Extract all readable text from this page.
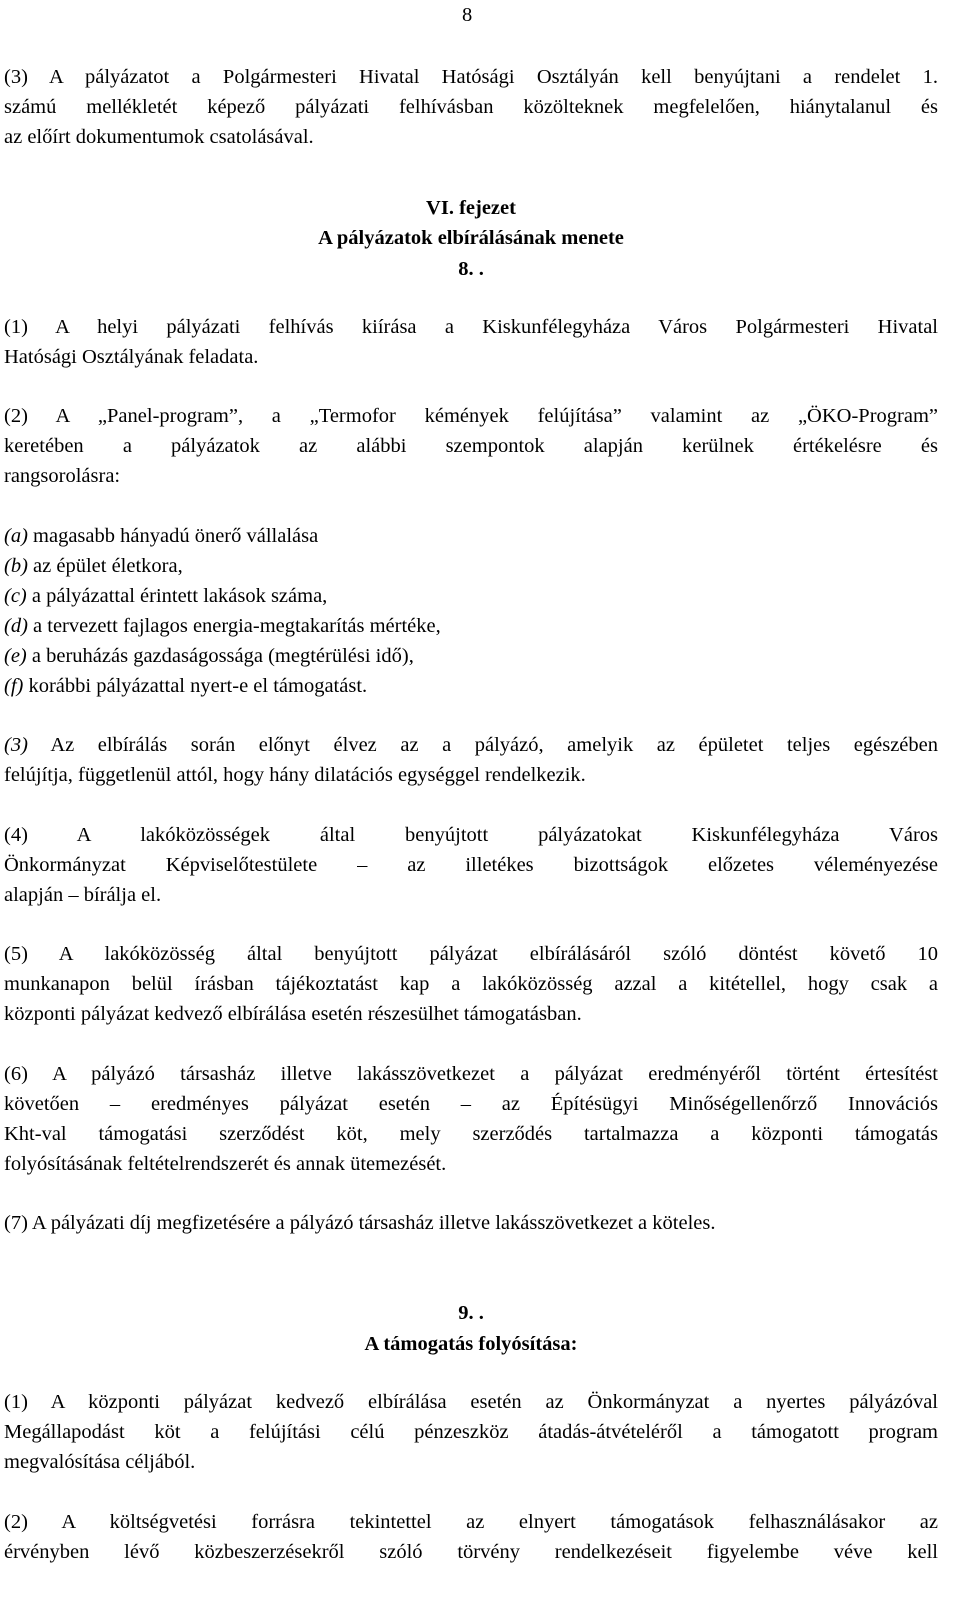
8
(3) A pályázatot a Polgármesteri Hivatal Hatósági Osztályán kell benyújtani a rendelet 1.
számú mellékletét képező pályázati felhívásban közölteknek megfelelően, hiánytalanul és
az előírt dokumentumok csatolásával.
VI. fejezet
A pályázatok elbírálásának menete
8. .
(1) A helyi pályázati felhívás kiírása a Kiskunfélegyháza Város Polgármesteri Hivatal
Hatósági Osztályának feladata.
(2) A „Panel-program”, a „Termofor kémények felújítása” valamint az „ÖKO-Program”
keretében a pályázatok az alábbi szempontok alapján kerülnek értékelésre és
rangsorolásra:
(a) magasabb hányadú önerő vállalása
(b) az épület életkora,
(c) a pályázattal érintett lakások száma,
(d) a tervezett fajlagos energia-megtakarítás mértéke,
(e) a beruházás gazdaságossága (megtérülési idő),
(f) korábbi pályázattal nyert-e el támogatást.
(3) Az elbírálás során előnyt élvez az a pályázó, amelyik az épületet teljes egészében
felújítja, függetlenül attól, hogy hány dilatációs egységgel rendelkezik.
(4) A lakóközösségek által benyújtott pályázatokat Kiskunfélegyháza Város
Önkormányzat Képviselőtestülete – az illetékes bizottságok előzetes véleményezése
alapján – bírálja el.
(5) A lakóközösség által benyújtott pályázat elbírálásáról szóló döntést követő 10
munkanapon belül írásban tájékoztatást kap a lakóközösség azzal a kitétellel, hogy csak a
központi pályázat kedvező elbírálása esetén részesülhet támogatásban.
(6) A pályázó társasház illetve lakásszövetkezet a pályázat eredményéről történt értesítést
követően – eredményes pályázat esetén – az Építésügyi Minőségellenőrző Innovációs
Kht-val támogatási szerződést köt, mely szerződés tartalmazza a központi támogatás
folyósításának feltételrendszerét és annak ütemezését.
(7) A pályázati díj megfizetésére a pályázó társasház illetve lakásszövetkezet a köteles.
9. .
A támogatás folyósítása:
(1) A központi pályázat kedvező elbírálása esetén az Önkormányzat a nyertes pályázóval
Megállapodást köt a felújítási célú pénzeszköz átadás-átvételéről a támogatott program
megvalósítása céljából.
(2) A költségvetési forrásra tekintettel az elnyert támogatások felhasználásakor az
érvényben lévő közbeszerzésekről szóló törvény rendelkezéseit figyelembe véve kell
